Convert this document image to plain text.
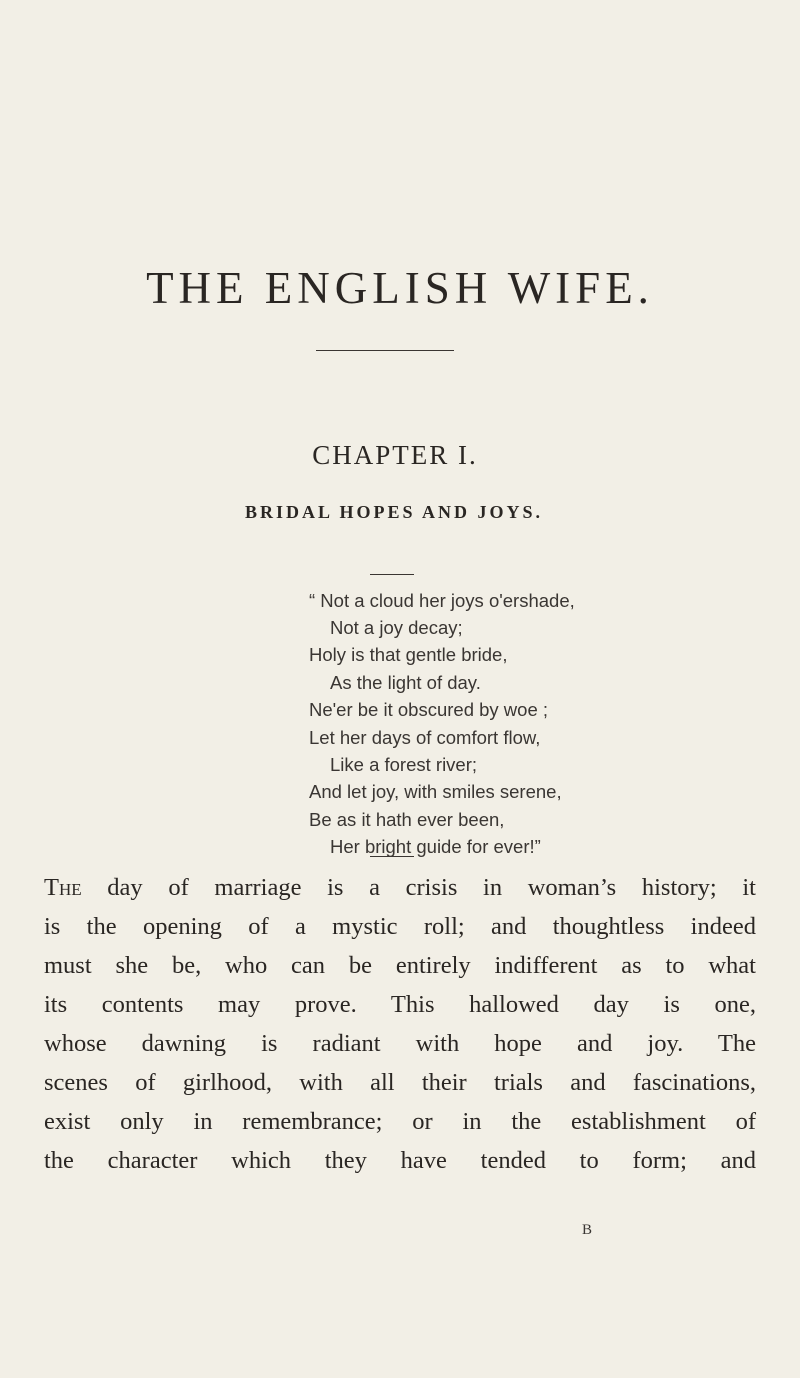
THE ENGLISH WIFE.
CHAPTER I.
BRIDAL HOPES AND JOYS.
“ Not a cloud her joys o'ershade,
Not a joy decay;
Holy is that gentle bride,
As the light of day.
Ne'er be it obscured by woe ;
Let her days of comfort flow,
Like a forest river;
And let joy, with smiles serene,
Be as it hath ever been,
Her bright guide for ever!”
The day of marriage is a crisis in woman’s history; it
is the opening of a mystic roll; and thoughtless indeed
must she be, who can be entirely indifferent as to what
its contents may prove. This hallowed day is one,
whose dawning is radiant with hope and joy. The
scenes of girlhood, with all their trials and fascinations,
exist only in remembrance; or in the establishment of
the character which they have tended to form; and
B
